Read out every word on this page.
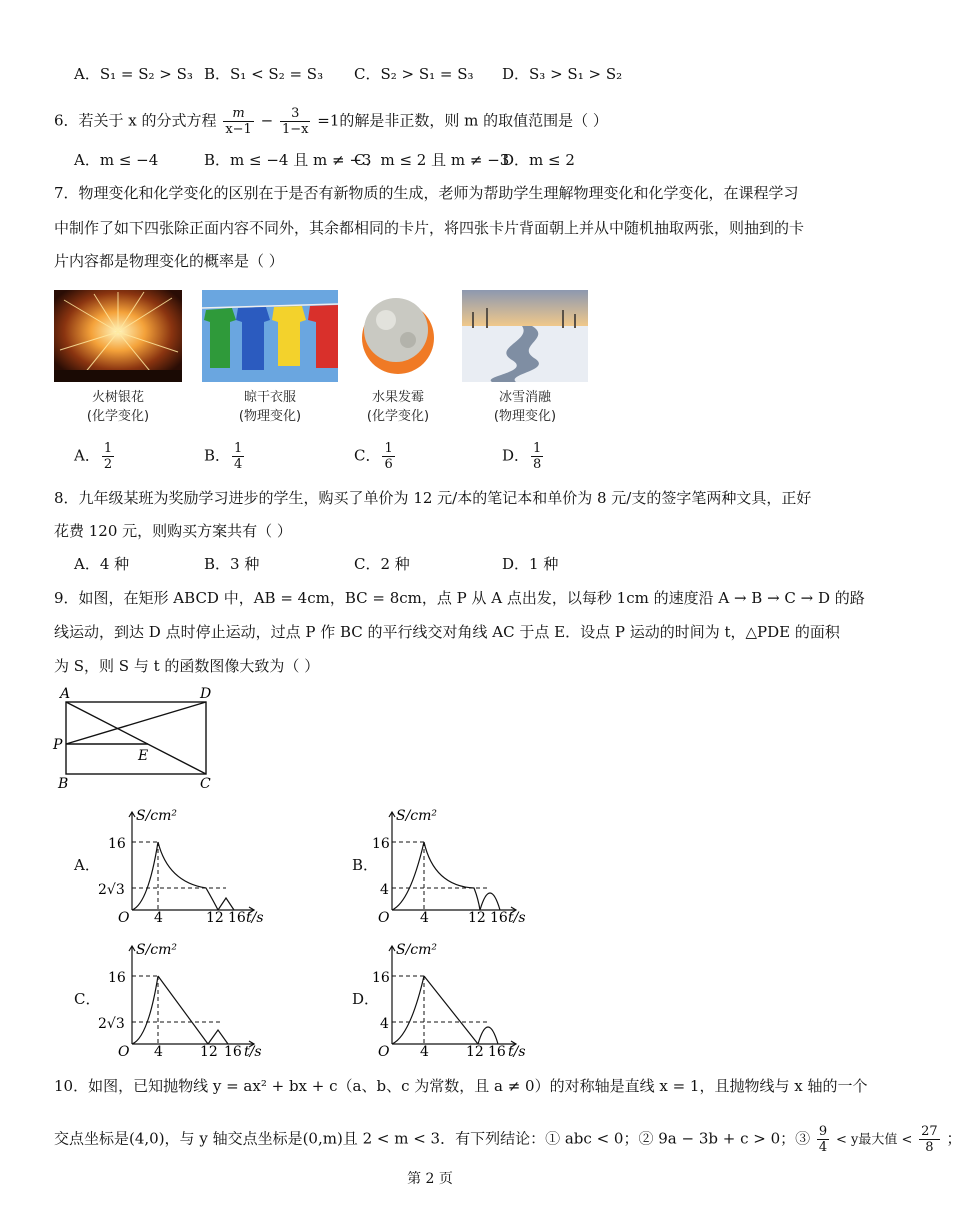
A．S₁ = S₂ > S₃ B．S₁ < S₂ = S₃ C．S₂ > S₁ = S₃ D．S₃ > S₁ > S₂
6．若关于 x 的分式方程 $\frac{m}{x-1} - \frac{3}{1-x} =1$的解是非正数，则 m 的取值范围是（ ）
A．m ≤ −4	B．m ≤ −4 且 m ≠ −3
C．m ≤ 2 且 m ≠ −3
D．m ≤ 2
7．物理变化和化学变化的区别在于是否有新物质的生成，老师为帮助学生理解物理变化和化学变化，在课程学习
中制作了如下四张除正面内容不同外，其余都相同的卡片，将四张卡片背面朝上并从中随机抽取两张，则抽到的卡
片内容都是物理变化的概率是（ ）
火树银花
(化学变化)
晾干衣服
(物理变化)
水果发霉
(化学变化)
冰雪消融
(物理变化)
A． $\frac{1}{2}$	B． $\frac{1}{4}$	C． $\frac{1}{6}$	D． $\frac{1}{8}$
8．九年级某班为奖励学习进步的学生，购买了单价为 12 元/本的笔记本和单价为 8 元/支的签字笔两种文具，正好
花费 120 元，则购买方案共有（ ）
A．4 种	B．3 种	C．2 种	D．1 种
9．如图，在矩形 ABCD 中，AB = 4cm，BC = 8cm，点 P 从 A 点出发，以每秒 1cm 的速度沿 A → B → C → D 的路
线运动，到达 D 点时停止运动，过点 P 作 BC 的平行线交对角线 AC 于点 E．设点 P 运动的时间为 t，△PDE 的面积
为 S，则 S 与 t 的函数图像大致为（ ）
A	D
P
E
B	C
A．	B．
C．	D．
S/cm²
16
2√3
O 4	12 16 t/s
S/cm²
16
4
O 4	12 16 t/s
S/cm²
16
2√3
O 4	12 16 t/s
S/cm²
16
4
O 4	12 16 t/s
10．如图，已知抛物线 y = ax² + bx + c（a、b、c 为常数，且 a ≠ 0）的对称轴是直线 x = 1，且抛物线与 x 轴的一个
交点坐标是(4,0)，与 y 轴交点坐标是(0,m)且 2 < m < 3．有下列结论：① abc < 0；② 9a − 3b + c > 0；③ $\frac{9}{4} < y$最大值 < $\frac{27}{8}$ ；
第 2 页
